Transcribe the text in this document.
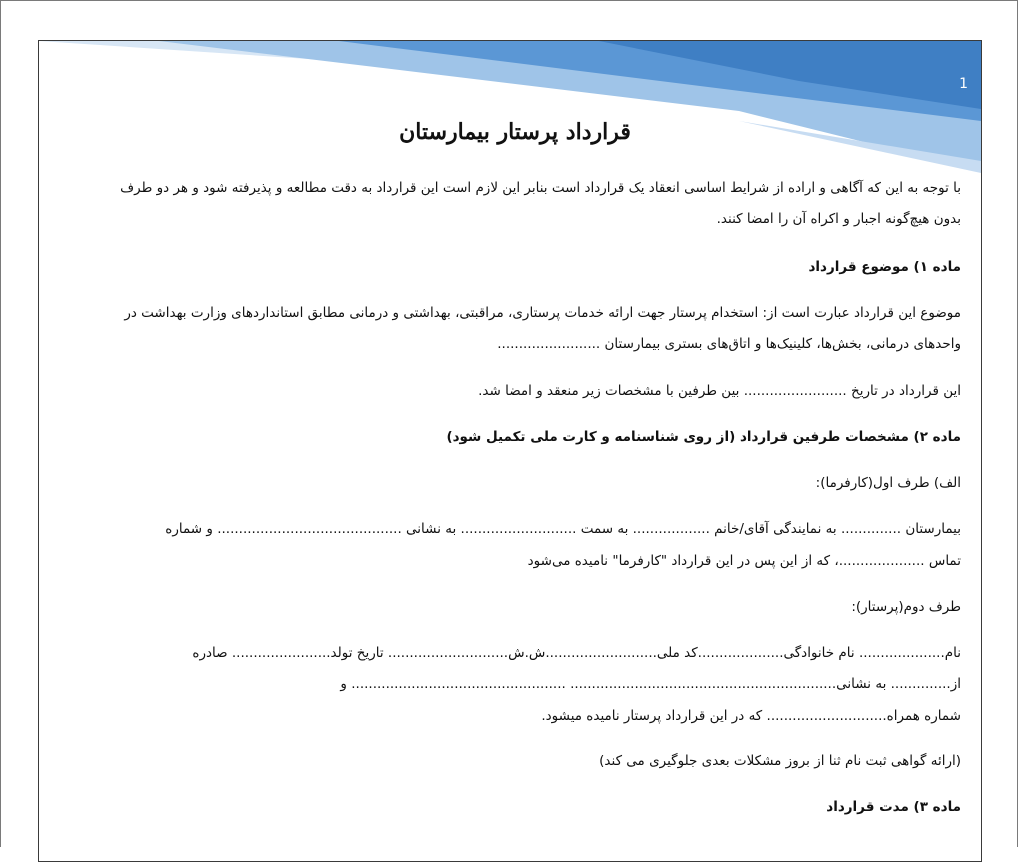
1
قرارداد پرستار بیمارستان
با توجه به این که آگاهی و اراده از شرایط اساسی انعقاد یک قرارداد است بنابر این لازم است این قرارداد به دقت مطالعه و پذیرفته شود و هر دو طرف
بدون هیچ‌گونه اجبار و اکراه آن را امضا کنند.
ماده ۱) موضوع قرارداد
موضوع این قرارداد عبارت است از: استخدام پرستار جهت ارائه خدمات پرستاری، مراقبتی، بهداشتی و درمانی مطابق استانداردهای وزارت بهداشت در
واحدهای درمانی، بخش‌ها، کلینیک‌ها و اتاق‌های بستری بیمارستان ........................
این قرارداد در تاریخ ........................ بین طرفین با مشخصات زیر منعقد و امضا شد.
ماده ۲) مشخصات طرفین قرارداد (از روی شناسنامه و کارت ملی تکمیل شود)
الف) طرف اول(کارفرما):
بیمارستان .............. به نمایندگی آقای/خانم .................. به سمت ........................... به نشانی ........................................... و شماره
تماس ....................، که از این پس در این قرارداد "کارفرما" نامیده می‌شود
طرف دوم(پرستار):
نام.................... نام خانوادگی....................کد ملی..........................ش.ش............................ تاریخ تولد....................... صادره
از.............. به نشانی.............................................................. .................................................. و
شماره همراه............................ که در این قرارداد پرستار نامیده میشود.
(ارائه گواهی ثبت نام ثنا از بروز مشکلات بعدی جلوگیری می کند)
ماده ۳) مدت قرارداد
